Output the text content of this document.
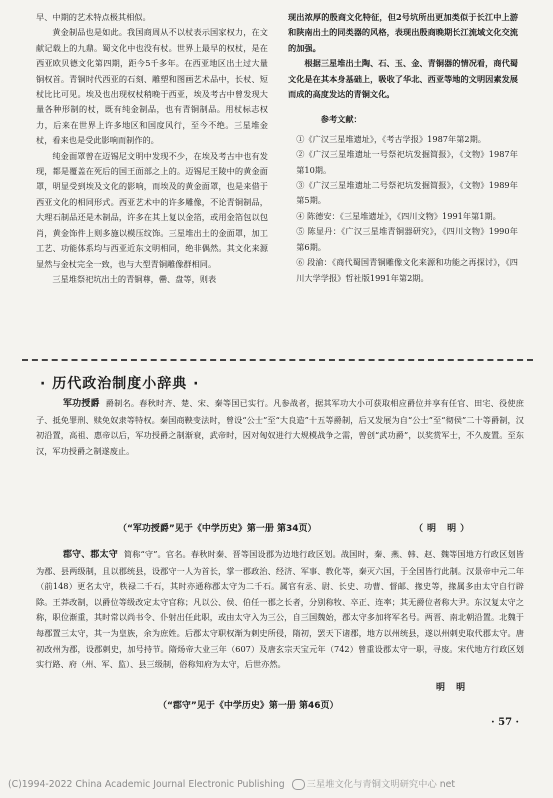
早、中期的艺术特点极其相似。

黄金制品也是如此。我国商周从不以杖表示国家权力，在文献记载上的九鼎。蜀文化中也没有杖。世界上最早的权杖，是在西亚欧贝德文化第四期，距今5千多年。在西亚地区出土过大量铜权首。青铜时代西亚的石刻、雕塑和图画艺术品中，长杖、短杖比比可见。埃及也出现权杖稍晚于西亚，埃及考古中曾发现大量各种形制的杖，既有纯金制品，也有青铜制品。用杖标志权力，后来在世界上许多地区和国度风行，至今不绝。三星堆金杖，看来也是受此影响而制作的。

纯金面罩曾在迈锡尼文明中发现不少，在埃及考古中也有发现，都是覆盖在死后的国王面部之上的。迈锡尼王陵中的黄金面罩，明显受到埃及文化的影响，而埃及的黄金面罩，也是来借于西亚文化的相同形式。西亚艺术中的许多雕像，不论青铜制品，大理石制品还是木制品，许多在其上复以金箔，或用金箔包以包肖，黄金饰件上则多施以模压纹饰。三星堆出土的金面罩，加工工艺、功能体系均与西亚近东文明相同，绝非偶然。其文化来源显然与金杖完全一致，也与大型青铜雕像群相同。

三星堆祭祀坑出土的青铜尊，罍、盘等，则表

现出浓厚的殷商文化特征，但2号坑所出更加类似于长江中上游和陕南出土的同类器的风格，表现出殷商晚期长江流域文化交流的加强。

根据三星堆出土陶、石、玉、金、青铜器的情况看，商代蜀文化是在其本身基础上，吸收了华北、西亚等地的文明因素发展而成的高度发达的青铜文化。

参考文献：

①《广汉三星堆遗址》，《考古学报》1987年第2期。

②《广汉三星堆遗址一号祭祀坑发掘简报》，《文物》1987年第10期。

③《广汉三星堆遗址二号祭祀坑发掘简报》，《文物》1989年第5期。

④ 陈德安：《三星堆遗址》，《四川文物》1991年第1期。

⑤ 陈显丹：《广汉三星堆青铜器研究》，《四川文物》1990年第6期。

⑥ 段渝：《商代蜀国青铜雕像文化来源和功能之再探讨》，《四川大学学报》哲社版1991年第2期。

· 历代政治制度小辞典 ·
军功授爵 爵制名。春秋时齐、楚、宋、秦等国已实行。凡参战者，据其军功大小可获取相应爵位并享有任官、田宅、役使庶子、抵免罪刑、赎免奴隶等特权。秦国商鞅变法时，曾设“公士”至“大良造”十五等爵制，后又发展为自“公士”至“彻侯”二十等爵制，汉初沿置，高祖、惠帝以后，军功授爵之制渐衰，武帝时，因对匈奴进行大规模战争之需，曾创“武功爵”，以奖赏军士，不久废置。至东汉，军功授爵之制遂废止。
（“军功授爵”见于《中学历史》第一册 第34页）	（明 明）
郡守、郡太守 简称“守”。官名。春秋时秦、晋等国设郡为边地行政区划。战国时，秦、燕、韩、赵、魏等国地方行政区划皆为郡、县两级制，且以郡统县，设郡守一人为首长，掌一郡政治、经济、军事、教化等，秦灭六国，于全国皆行此制。汉景帝中元二年（前148）更名太守，秩禄二千石，其时亦通称郡太守为二千石。属官有丞、尉、长史、功曹、督邮、掾史等，掾属多由太守自行辟除。王莽改制，以爵位等级改定太守官称；凡以公、侯、伯任一郡之长者，分别称牧、卒正、连率；其无爵位者称大尹。东汉复太守之称，职位渐重，其时常以尚书令、仆射出任此职，或由太守入为三公，自三国魏始，郡太守多加将军名号。两晋、南北朝沿置。北魏于每郡置三太守，其一为皇族，余为庶姓。后郡太守职权渐为刺史所侵，隋初，罢天下诸郡，地方以州统县，遂以州刺史取代郡太守。唐初改州为郡，设郡刺史，加号持节。隋炀帝大业三年（607）及唐玄宗天宝元年（742）曾重设郡太守一职，寻废。宋代地方行政区划实行路、府（州、军、监）、县三级制，俗称知府为太守，后世亦然。
明 明
（“郡守”见于《中学历史》第一册 第46页）
· 57 ·
(C)1994-2022 China Academic Journal Electronic Publishing 三星堆文化与青铜文明研究中心 net
